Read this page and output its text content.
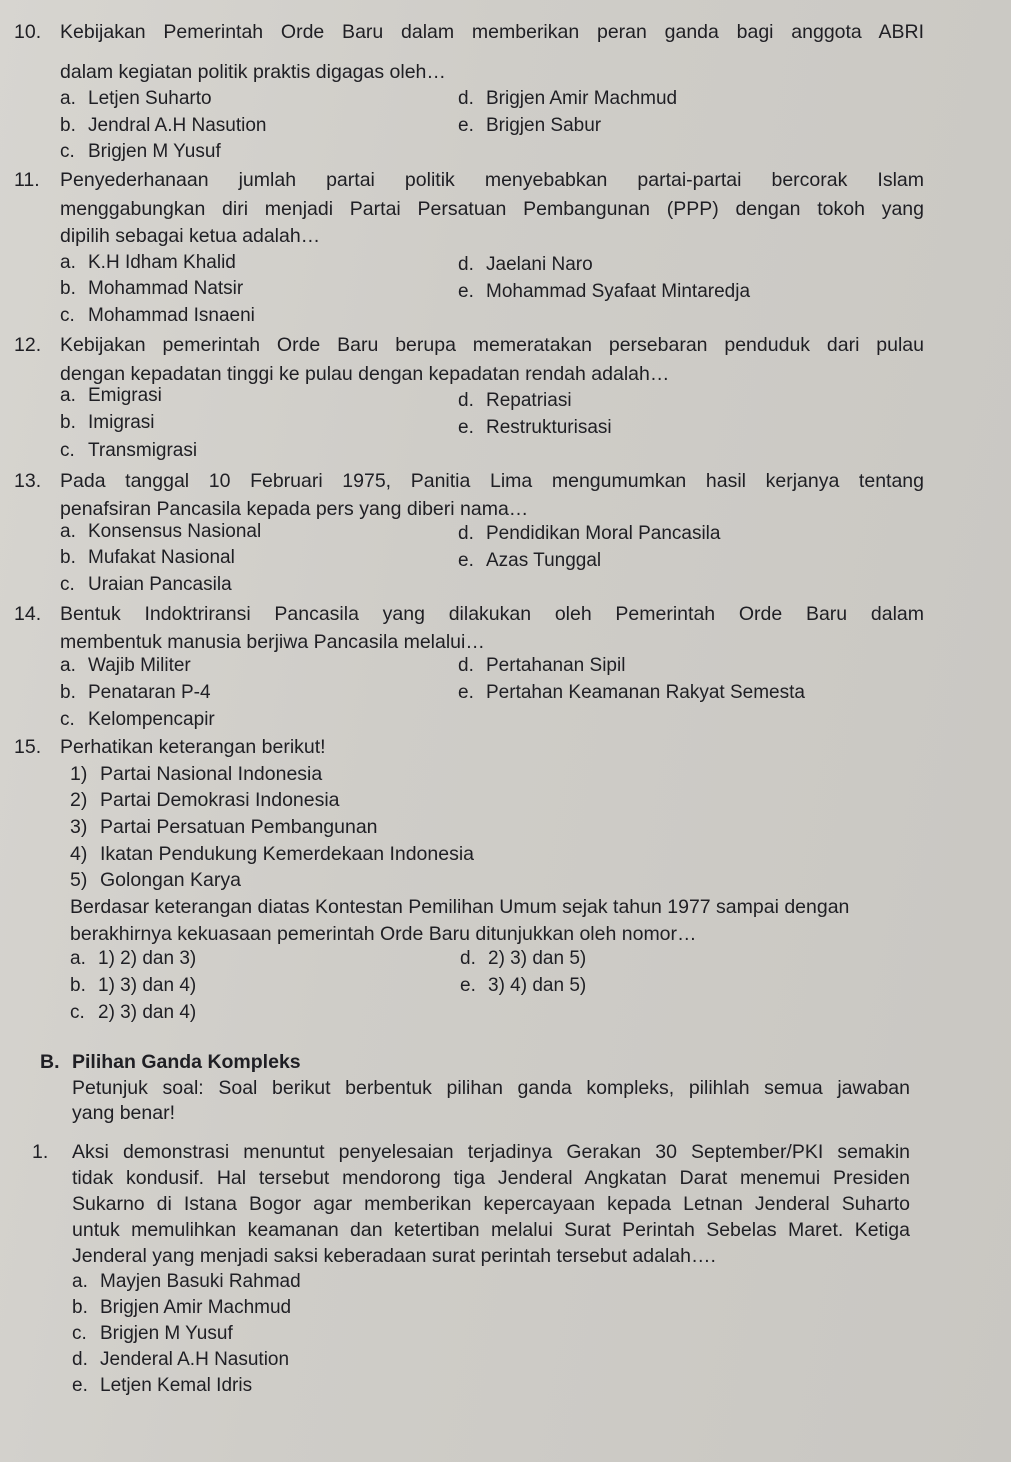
10. Kebijakan Pemerintah Orde Baru dalam memberikan peran ganda bagi anggota ABRI
dalam kegiatan politik praktis digagas oleh…
a. Letjen Suharto
b. Jendral A.H Nasution
c. Brigjen M Yusuf
d. Brigjen Amir Machmud
e. Brigjen Sabur
11. Penyederhanaan jumlah partai politik menyebabkan partai-partai bercorak Islam
menggabungkan diri menjadi Partai Persatuan Pembangunan (PPP) dengan tokoh yang
dipilih sebagai ketua adalah…
a. K.H Idham Khalid
b. Mohammad Natsir
c. Mohammad Isnaeni
d. Jaelani Naro
e. Mohammad Syafaat Mintaredja
12. Kebijakan pemerintah Orde Baru berupa memeratakan persebaran penduduk dari pulau
dengan kepadatan tinggi ke pulau dengan kepadatan rendah adalah…
a. Emigrasi
b. Imigrasi
c. Transmigrasi
d. Repatriasi
e. Restrukturisasi
13. Pada tanggal 10 Februari 1975, Panitia Lima mengumumkan hasil kerjanya tentang
penafsiran Pancasila kepada pers yang diberi nama…
a. Konsensus Nasional
b. Mufakat Nasional
c. Uraian Pancasila
d. Pendidikan Moral Pancasila
e. Azas Tunggal
14. Bentuk Indoktriransi Pancasila yang dilakukan oleh Pemerintah Orde Baru dalam
membentuk manusia berjiwa Pancasila melalui…
a. Wajib Militer
b. Penataran P-4
c. Kelompencapir
d. Pertahanan Sipil
e. Pertahan Keamanan Rakyat Semesta
15. Perhatikan keterangan berikut!
1) Partai Nasional Indonesia
2) Partai Demokrasi Indonesia
3) Partai Persatuan Pembangunan
4) Ikatan Pendukung Kemerdekaan Indonesia
5) Golongan Karya
Berdasar keterangan diatas Kontestan Pemilihan Umum sejak tahun 1977 sampai dengan
berakhirnya kekuasaan pemerintah Orde Baru ditunjukkan oleh nomor…
a. 1) 2) dan 3)
b. 1) 3) dan 4)
c. 2) 3) dan 4)
d. 2) 3) dan 5)
e. 3) 4) dan 5)
B. Pilihan Ganda Kompleks
Petunjuk soal: Soal berikut berbentuk pilihan ganda kompleks, pilihlah semua jawaban
yang benar!
1. Aksi demonstrasi menuntut penyelesaian terjadinya Gerakan 30 September/PKI semakin
tidak kondusif. Hal tersebut mendorong tiga Jenderal Angkatan Darat menemui Presiden
Sukarno di Istana Bogor agar memberikan kepercayaan kepada Letnan Jenderal Suharto
untuk memulihkan keamanan dan ketertiban melalui Surat Perintah Sebelas Maret. Ketiga
Jenderal yang menjadi saksi keberadaan surat perintah tersebut adalah….
a. Mayjen Basuki Rahmad
b. Brigjen Amir Machmud
c. Brigjen M Yusuf
d. Jenderal A.H Nasution
e. Letjen Kemal Idris
